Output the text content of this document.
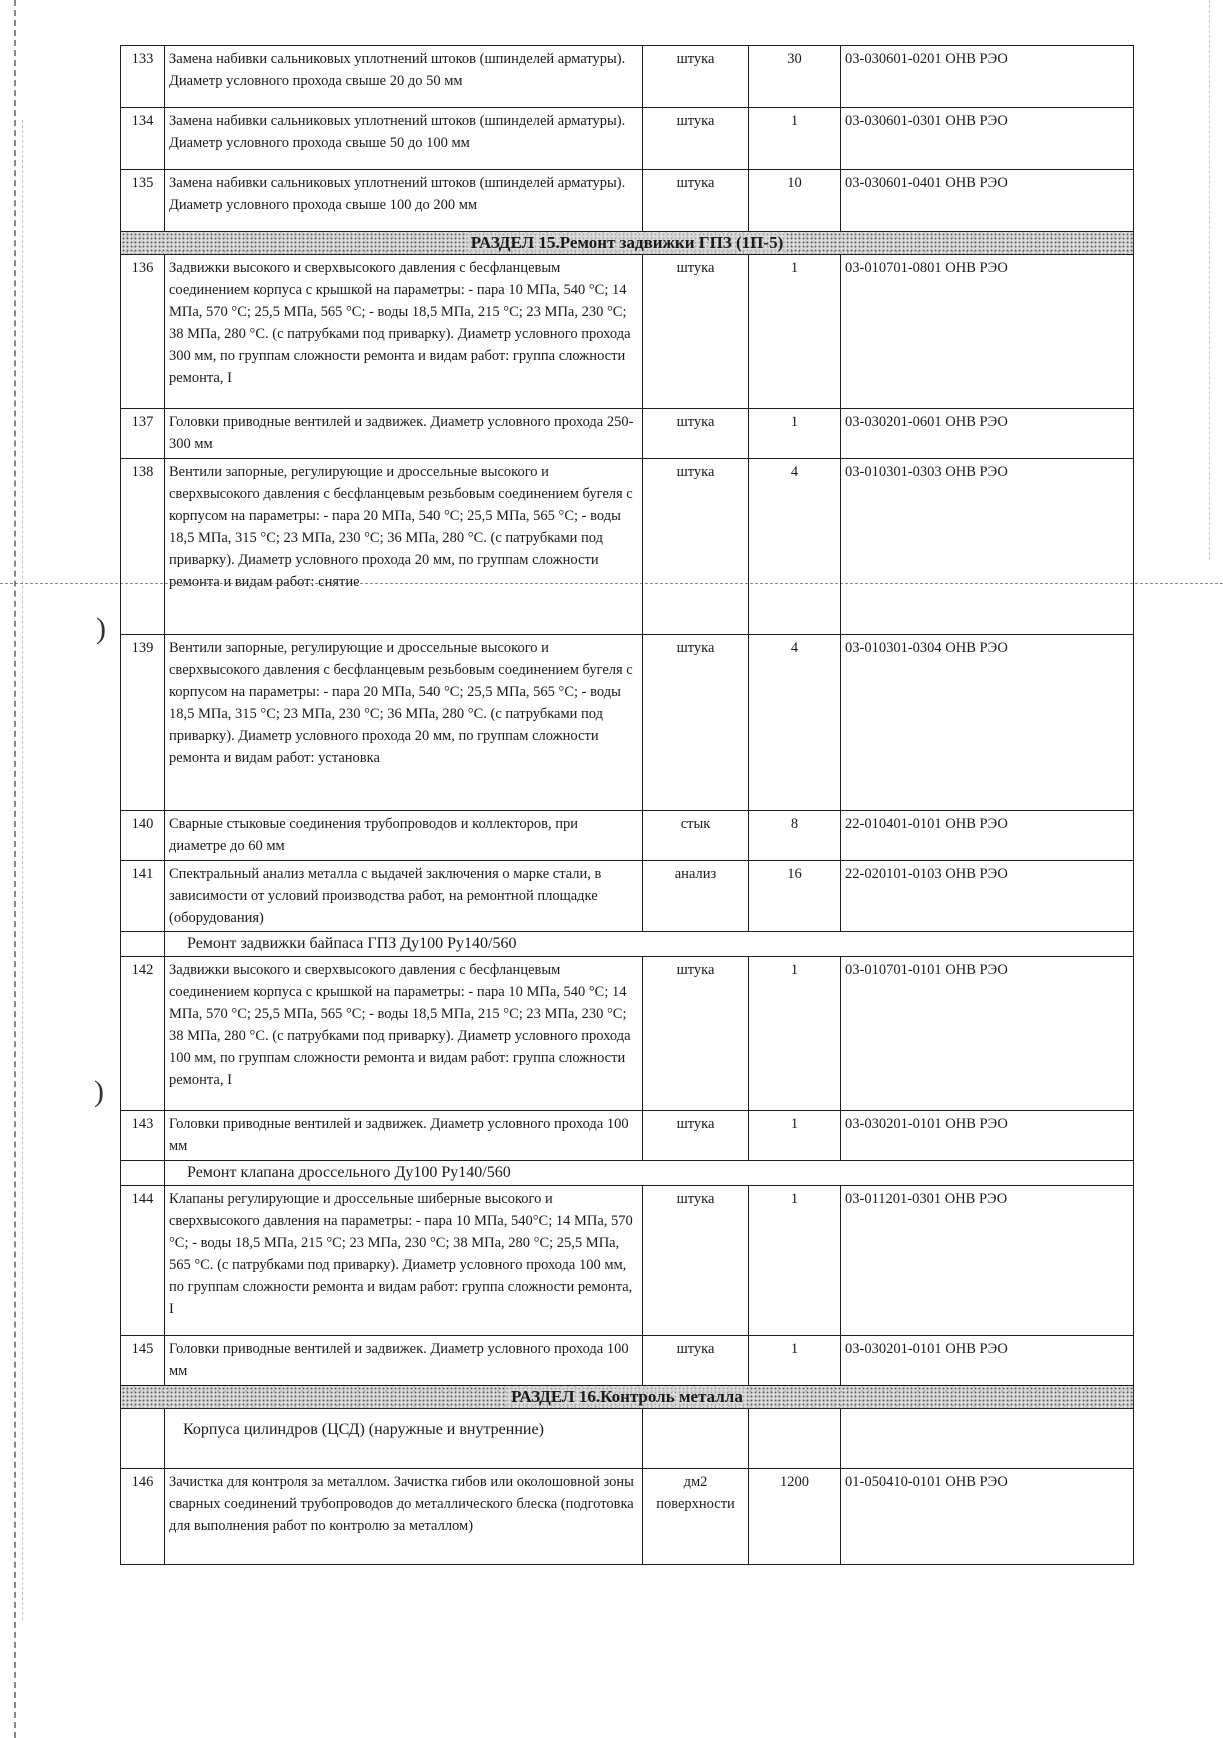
)
)
133	Замена набивки сальниковых уплотнений штоков (шпинделей арматуры). Диаметр условного прохода свыше 20 до 50 мм	штука	30	03-030601-0201 ОНВ РЭО
134	Замена набивки сальниковых уплотнений штоков (шпинделей арматуры). Диаметр условного прохода свыше 50 до 100 мм	штука	1	03-030601-0301 ОНВ РЭО
135	Замена набивки сальниковых уплотнений штоков (шпинделей арматуры). Диаметр условного прохода свыше 100 до 200 мм	штука	10	03-030601-0401 ОНВ РЭО
РАЗДЕЛ 15.Ремонт задвижки ГПЗ (1П-5)				
136	Задвижки высокого и сверхвысокого давления с бесфланцевым соединением корпуса с крышкой на параметры: - пара 10 МПа, 540 °С; 14 МПа, 570 °С; 25,5 МПа, 565 °С; - воды 18,5 МПа, 215 °С; 23 МПа, 230 °С; 38 МПа, 280 °С. (с патрубками под приварку). Диаметр условного прохода 300 мм, по группам сложности ремонта и видам работ: группа сложности ремонта, I	штука	1	03-010701-0801 ОНВ РЭО
137	Головки приводные вентилей и задвижек. Диаметр условного прохода 250-300 мм	штука	1	03-030201-0601 ОНВ РЭО
138	Вентили запорные, регулирующие и дроссельные высокого и сверхвысокого давления с бесфланцевым резьбовым соединением бугеля с корпусом на параметры: - пара 20 МПа, 540 °С; 25,5 МПа, 565 °С; - воды 18,5 МПа, 315 °С; 23 МПа, 230 °С; 36 МПа, 280 °С. (с патрубками под приварку). Диаметр условного прохода 20 мм, по группам сложности ремонта и видам работ: снятие	штука	4	03-010301-0303 ОНВ РЭО
139	Вентили запорные, регулирующие и дроссельные высокого и сверхвысокого давления с бесфланцевым резьбовым соединением бугеля с корпусом на параметры: - пара 20 МПа, 540 °С; 25,5 МПа, 565 °С; - воды 18,5 МПа, 315 °С; 23 МПа, 230 °С; 36 МПа, 280 °С. (с патрубками под приварку). Диаметр условного прохода 20 мм, по группам сложности ремонта и видам работ: установка	штука	4	03-010301-0304 ОНВ РЭО
140	Сварные стыковые соединения трубопроводов и коллекторов, при диаметре до 60 мм	стык	8	22-010401-0101 ОНВ РЭО
141	Спектральный анализ металла с выдачей заключения о марке стали, в зависимости от условий производства работ, на ремонтной площадке (оборудования)	анализ	16	22-020101-0103 ОНВ РЭО
	Ремонт задвижки байпаса ГПЗ Ду100 Ру140/560			
142	Задвижки высокого и сверхвысокого давления с бесфланцевым соединением корпуса с крышкой на параметры: - пара 10 МПа, 540 °С; 14 МПа, 570 °С; 25,5 МПа, 565 °С; - воды 18,5 МПа, 215 °С; 23 МПа, 230 °С; 38 МПа, 280 °С. (с патрубками под приварку). Диаметр условного прохода 100 мм, по группам сложности ремонта и видам работ: группа сложности ремонта, I	штука	1	03-010701-0101 ОНВ РЭО
143	Головки приводные вентилей и задвижек. Диаметр условного прохода 100 мм	штука	1	03-030201-0101 ОНВ РЭО
	Ремонт клапана дроссельного Ду100 Ру140/560			
144	Клапаны регулирующие и дроссельные шиберные высокого и сверхвысокого давления на параметры: - пара 10 МПа, 540°С; 14 МПа, 570 °С; - воды 18,5 МПа, 215 °С; 23 МПа, 230 °С; 38 МПа, 280 °С; 25,5 МПа, 565 °С. (с патрубками под приварку). Диаметр условного прохода 100 мм, по группам сложности ремонта и видам работ: группа сложности ремонта, I	штука	1	03-011201-0301 ОНВ РЭО
145	Головки приводные вентилей и задвижек. Диаметр условного прохода 100 мм	штука	1	03-030201-0101 ОНВ РЭО
РАЗДЕЛ 16.Контроль металла				
	Корпуса цилиндров (ЦСД) (наружные и внутренние)			
146	Зачистка для контроля за металлом. Зачистка гибов или околошовной зоны сварных соединений трубопроводов до металлического блеска (подготовка для выполнения работ по контролю за металлом)	дм2 поверхности	1200	01-050410-0101 ОНВ РЭО
